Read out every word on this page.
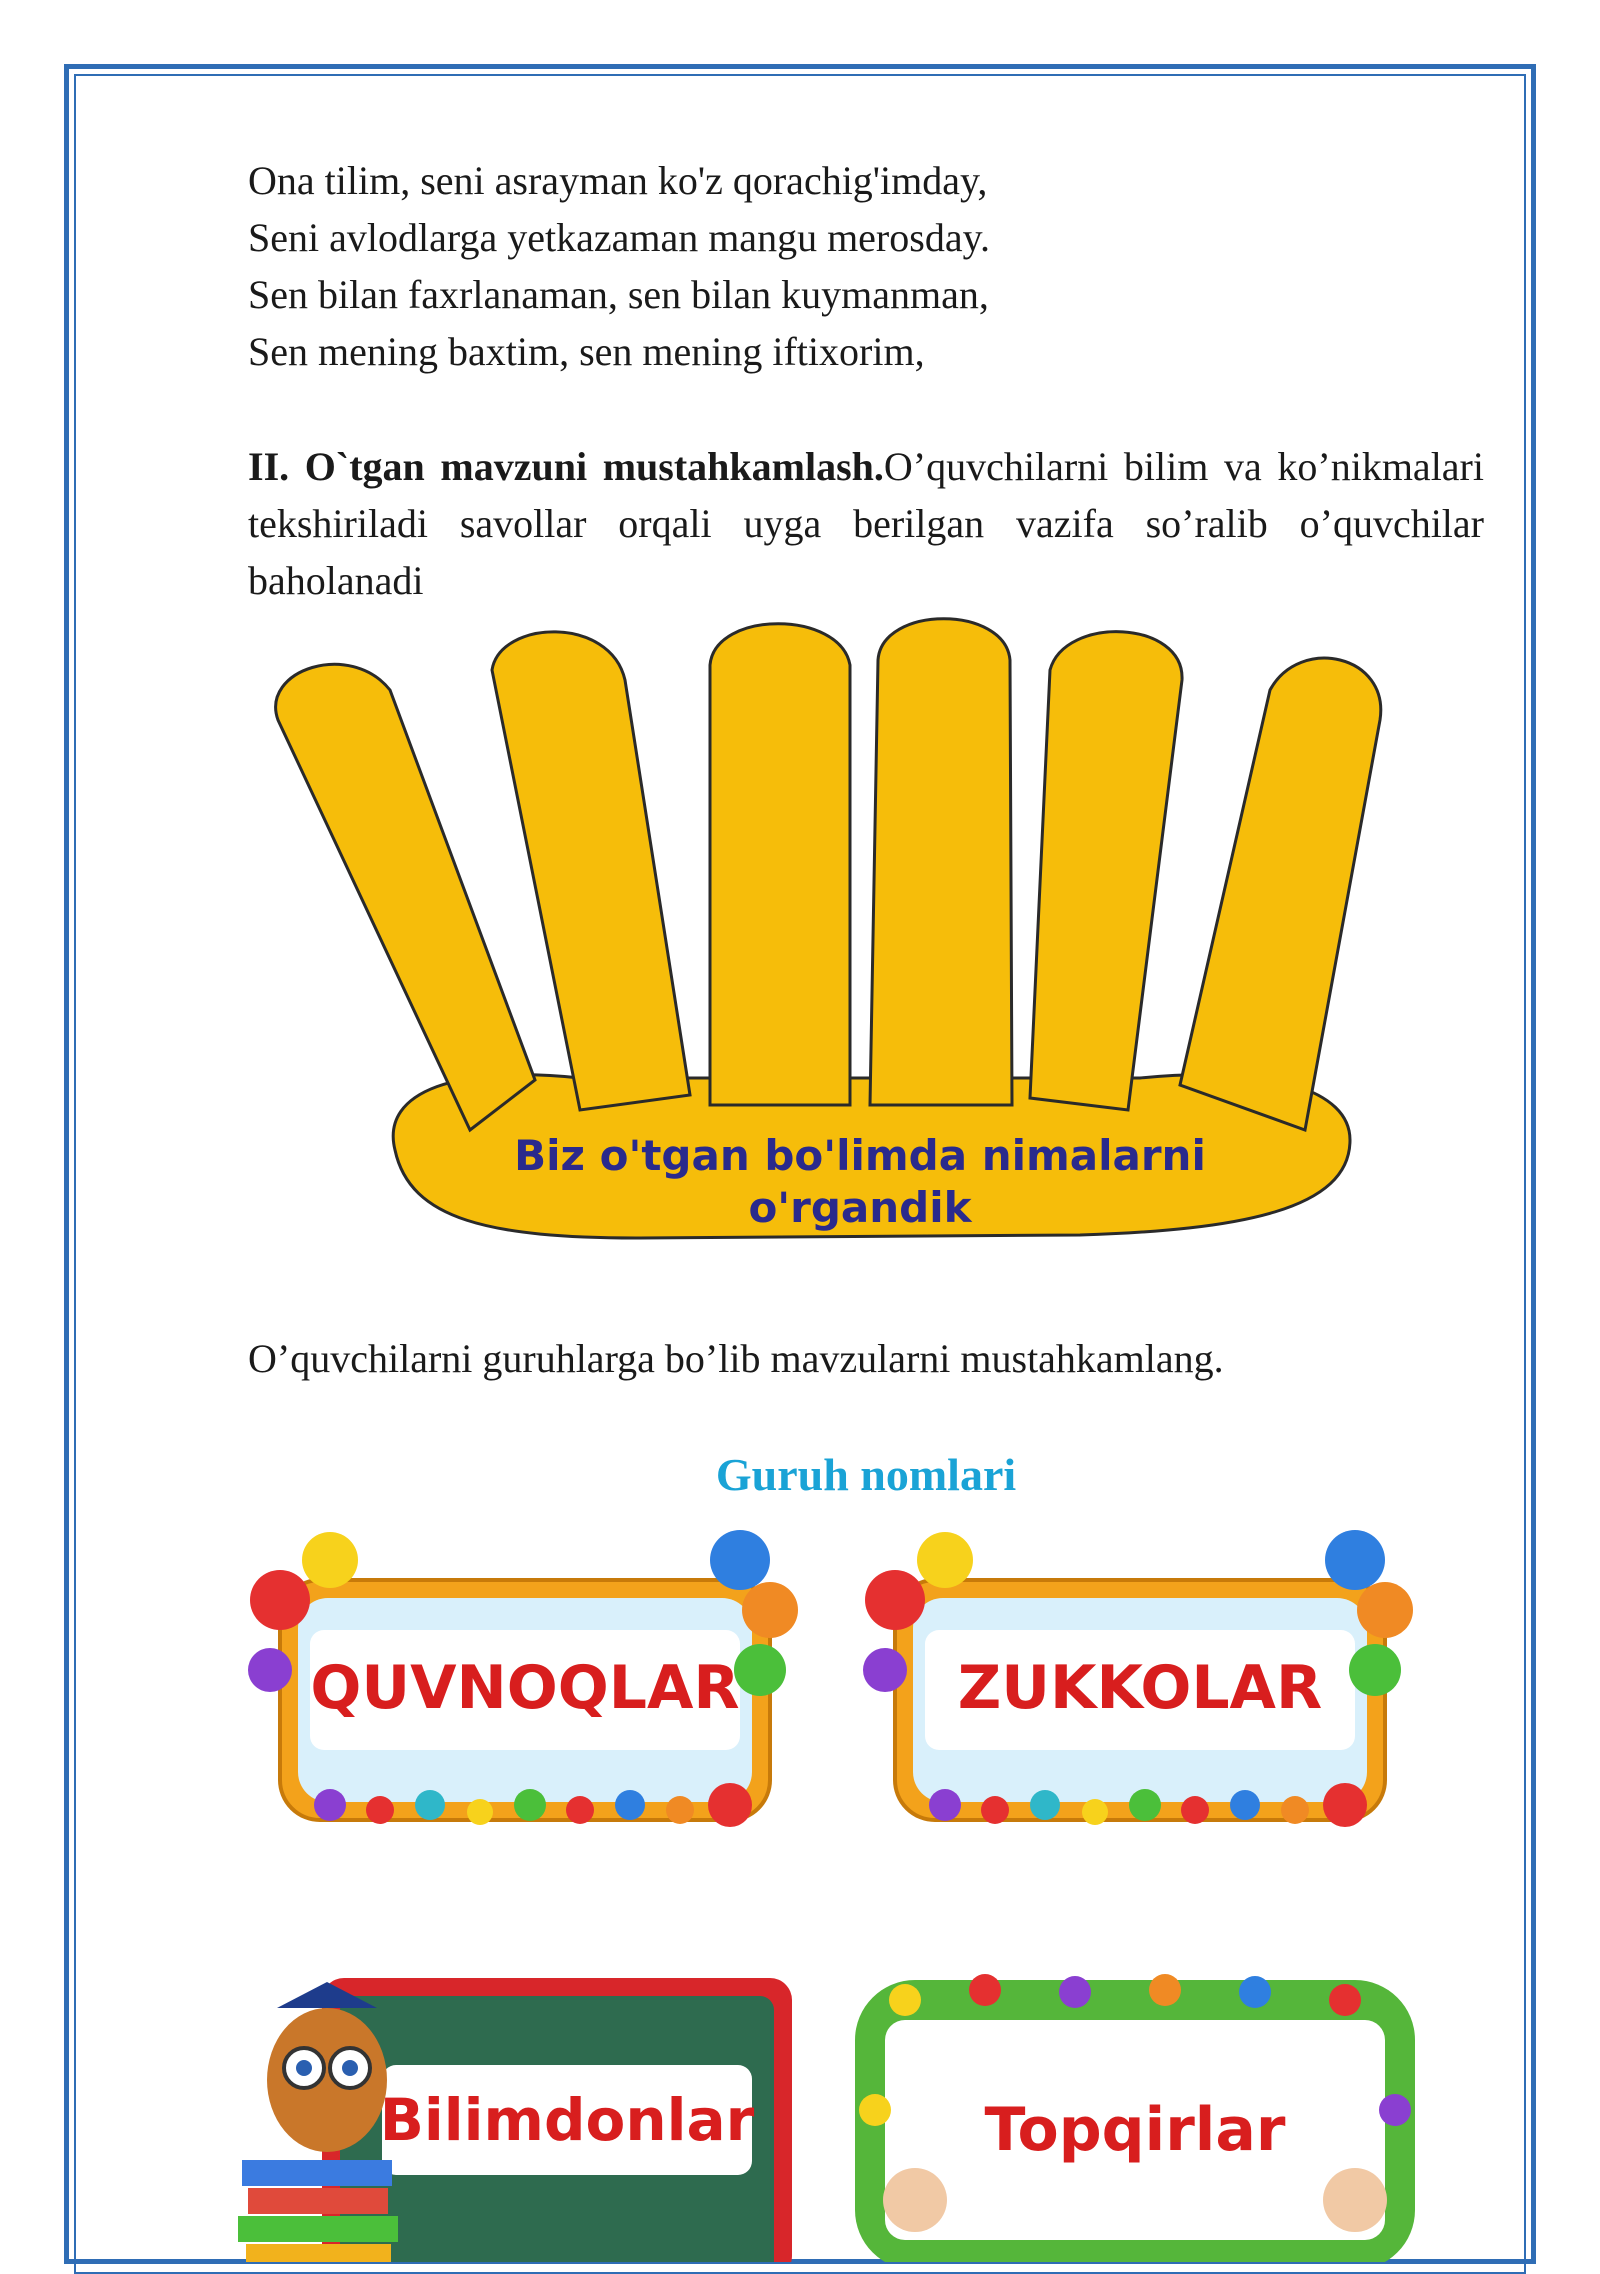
Ona tilim, seni asrayman ko'z qorachig'imday,
Seni avlodlarga yetkazaman mangu merosday.
Sen bilan faxrlanaman, sen bilan kuymanman,
Sen mening baxtim, sen mening iftixorim,
II. O`tgan mavzuni mustahkamlash.O’quvchilarni bilim va ko’nikmalari tekshiriladi savollar orqali uyga berilgan vazifa so’ralib o’quvchilar baholanadi
Biz o'tgan bo'limda nimalarni
o'rgandik
O’quvchilarni guruhlarga bo’lib mavzularni mustahkamlang.
Guruh nomlari
QUVNOQLAR	ZUKKOLAR
Bilimdonlar	Topqirlar
